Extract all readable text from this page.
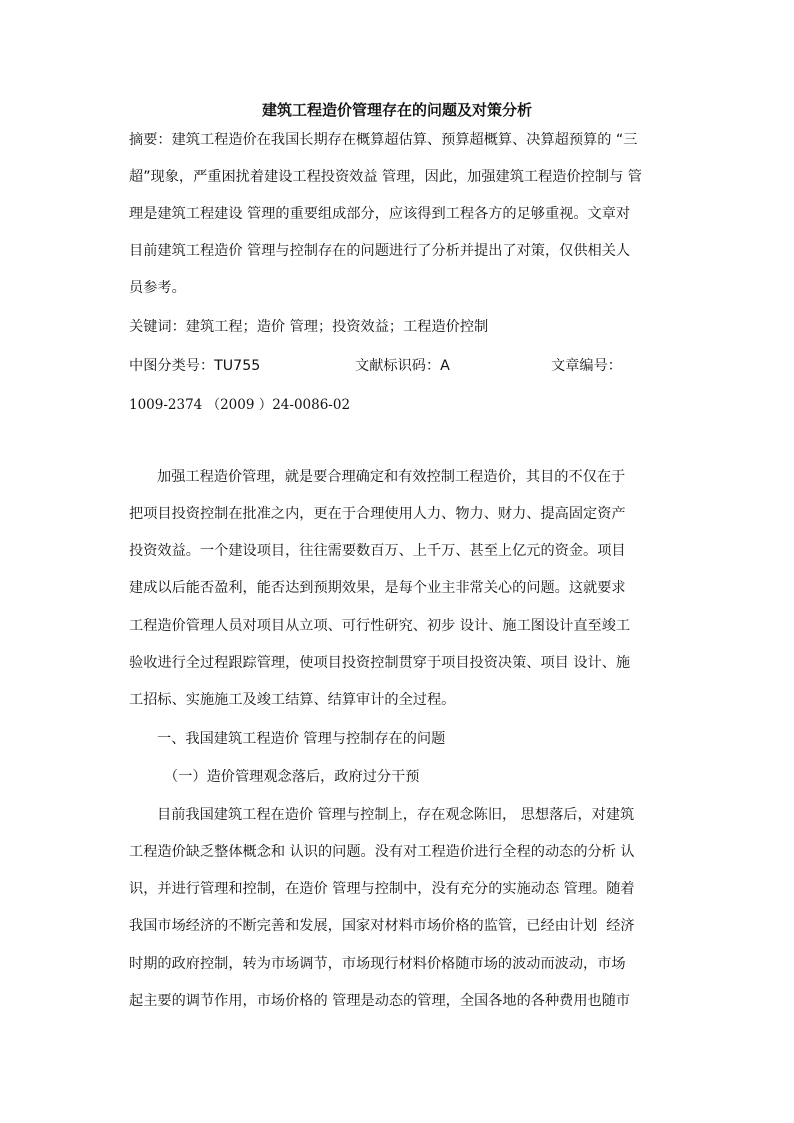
建筑工程造价管理存在的问题及对策分析
摘要：建筑工程造价在我国长期存在概算超估算、预算超概算、决算超预算的 “三
超”现象，严重困扰着建设工程投资效益 管理，因此，加强建筑工程造价控制与 管
理是建筑工程建设 管理的重要组成部分，应该得到工程各方的足够重视。文章对
目前建筑工程造价 管理与控制存在的问题进行了分析并提出了对策，仅供相关人
员参考。
关键词：建筑工程；造价 管理；投资效益；工程造价控制
中图分类号：TU755	文献标识码：A	文章编号：
1009-2374 （2009 ）24-0086-02
加强工程造价管理，就是要合理确定和有效控制工程造价，其目的不仅在于
把项目投资控制在批准之内，更在于合理使用人力、物力、财力、提高固定资产
投资效益。一个建设项目，往往需要数百万、上千万、甚至上亿元的资金。项目
建成以后能否盈利，能否达到预期效果，是每个业主非常关心的问题。这就要求
工程造价管理人员对项目从立项、可行性研究、初步 设计、施工图设计直至竣工
验收进行全过程跟踪管理，使项目投资控制贯穿于项目投资决策、项目 设计、施
工招标、实施施工及竣工结算、结算审计的全过程。
一、我国建筑工程造价 管理与控制存在的问题
（一）造价管理观念落后，政府过分干预
目前我国建筑工程在造价 管理与控制上，存在观念陈旧， 思想落后，对建筑
工程造价缺乏整体概念和 认识的问题。没有对工程造价进行全程的动态的分析 认
识，并进行管理和控制，在造价 管理与控制中，没有充分的实施动态 管理。随着
我国市场经济的不断完善和发展，国家对材料市场价格的监管，已经由计划  经济
时期的政府控制，转为市场调节，市场现行材料价格随市场的波动而波动，市场
起主要的调节作用，市场价格的 管理是动态的管理，全国各地的各种费用也随市
